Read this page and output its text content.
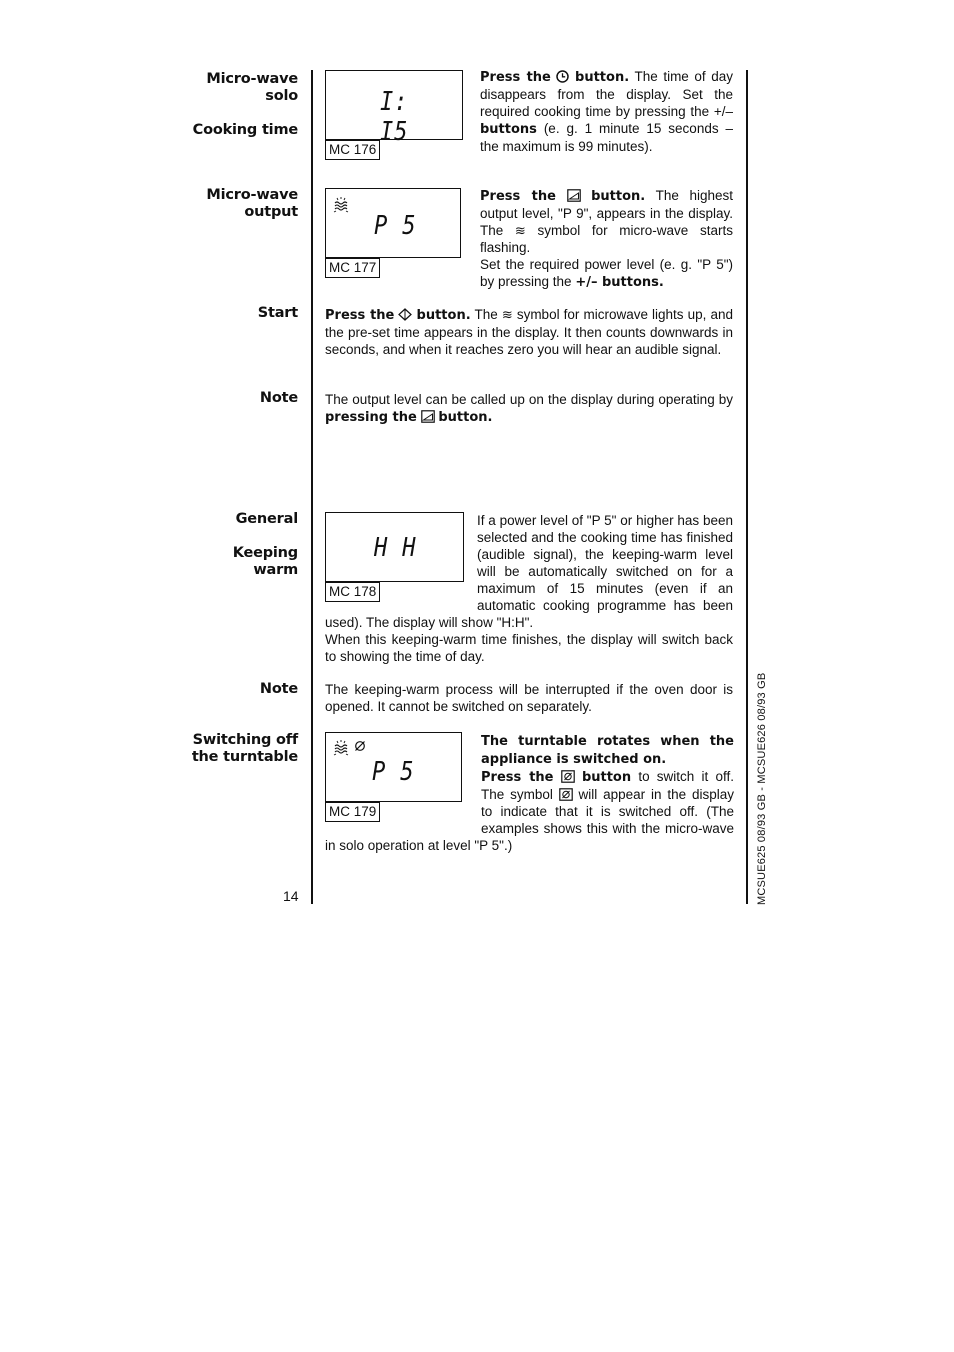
Micro-wave
solo
Cooking time
Micro-wave
output
Start
Note
General
Keeping
warm
Note
Switching off
the turntable
I: I5
MC 176
Press the button. The time of day disappears from the display. Set the required cooking time by pressing the +/– buttons (e. g. 1 minute 15 seconds – the maximum is 99 minutes).
P 5
MC 177
Press the	button. The highest output level, "P 9", appears in the display. The ≋ symbol for micro-wave starts flashing.
Set the required power level (e. g. "P 5") by pressing the +/– buttons.
Press the button. The ≋ symbol for microwave lights up, and the pre-set time appears in the display. It then counts downwards in seconds, and when it reaches zero you will hear an audible signal.
The output level can be called up on the display during operating by pressing the button.
H H
MC 178
If a power level of "P 5" or higher has been selected and the cooking time has finished (audible signal), the keeping-warm level will be automatically switched on for a maximum of 15 minutes (even if an automatic cooking programme has been used). The display will show "H:H".
When this keeping-warm time finishes, the display will switch back to showing the time of day.
The keeping-warm process will be interrupted if the oven door is opened. It cannot be switched on separately.
P 5
MC 179
The turntable rotates when the appliance is switched on.
Press the button to switch it off. The symbol will appear in the display to indicate that it is switched off. (The examples shows this with the micro-wave in solo operation at level "P 5".)
14	MCSUE625 08/93 GB - MCSUE626 08/93 GB
